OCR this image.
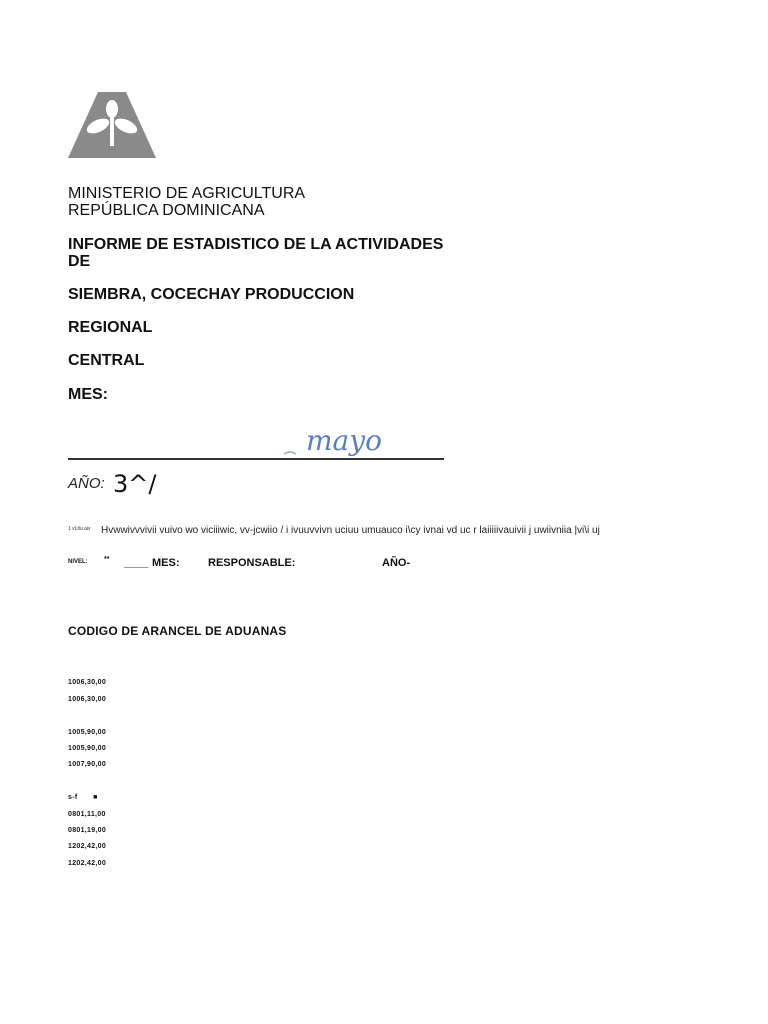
MINISTERIO DE AGRICULTURA
REPÚBLICA DOMINICANA
INFORME DE ESTADISTICO DE LA ACTIVIDADES
DE
SIEMBRA, COCECHAY PRODUCCION
REGIONAL
CENTRAL
MES:
mayo
AÑO: 3^/
1 vLltu.aiv Hvwwivvvivii vuivo wo viciiiwic, vv-jcwiio / i ivuuvvivn uciuu umuauco i\cy ivnai vd uc r laiiiiivauivii j uwiivniia |vi\i uj
NIVEL: ** ____ MES:	RESPONSABLE:	AÑO-
CODIGO DE ARANCEL DE ADUANAS
1006,30,00
1006,30,00
1005,90,00
1005,90,00
1007,90,00
s-f       ■
0801,11,00
0801,19,00
1202,42,00
1202,42,00
